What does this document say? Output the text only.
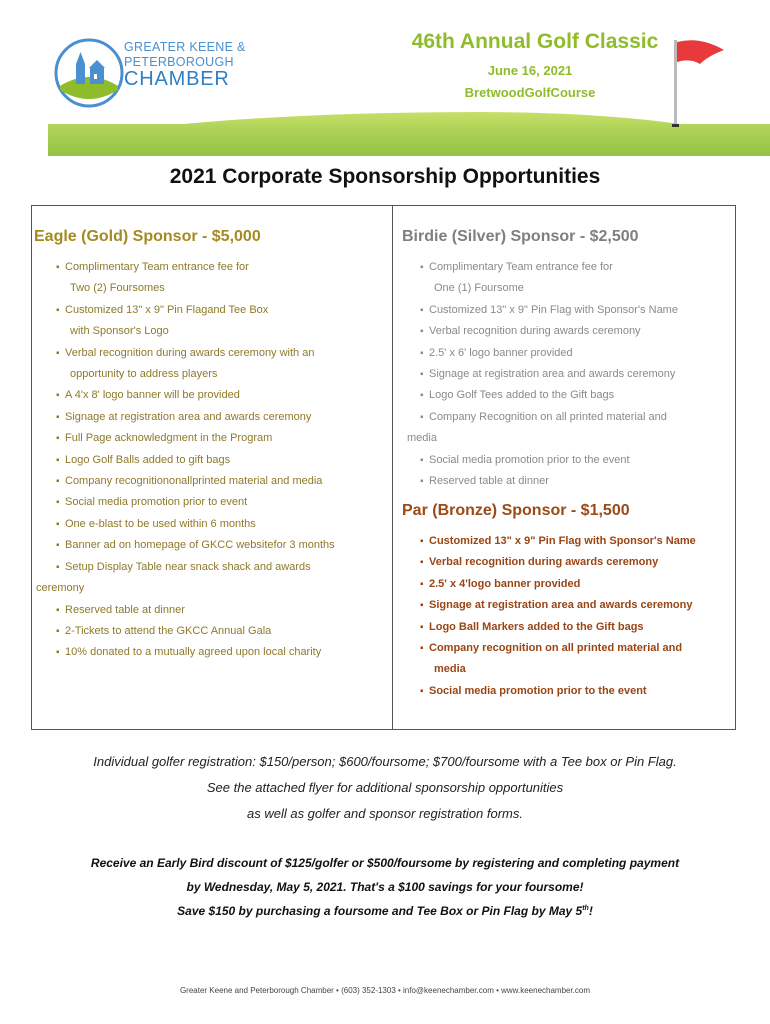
GREATER KEENE &
PETERBOROUGH
CHAMBER
46th Annual Golf Classic
June 16, 2021
BretwoodGolfCourse
2021 Corporate Sponsorship Opportunities
Eagle (Gold) Sponsor - $5,000
▪ Complimentary Team entrance fee for
Two (2) Foursomes
▪ Customized 13" x 9" Pin Flagand Tee Box
with Sponsor's Logo
▪ Verbal recognition during awards ceremony with an
opportunity to address players
▪ A 4'x 8' logo banner will be provided
▪ Signage at registration area and awards ceremony
▪ Full Page acknowledgment in the Program
▪ Logo Golf Balls added to gift bags
▪ Company recognitiononallprinted material and media
▪ Social media promotion prior to event
▪ One e-blast to be used within 6 months
▪ Banner ad on homepage of GKCC websitefor 3 months
▪ Setup Display Table near snack shack and awards
ceremony
▪ Reserved table at dinner
▪ 2-Tickets to attend the GKCC Annual Gala
▪ 10% donated to a mutually agreed upon local charity
Birdie (Silver) Sponsor - $2,500
▪ Complimentary Team entrance fee for
One (1) Foursome
▪ Customized 13" x 9" Pin Flag with Sponsor's Name
▪ Verbal recognition during awards ceremony
▪ 2.5' x 6' logo banner provided
▪ Signage at registration area and awards ceremony
▪ Logo Golf Tees added to the Gift bags
▪ Company Recognition on all printed material and
media
▪ Social media promotion prior to the event
▪ Reserved table at dinner
Par (Bronze) Sponsor - $1,500
▪ Customized 13" x 9" Pin Flag with Sponsor's Name
▪ Verbal recognition during awards ceremony
▪ 2.5' x 4'logo banner provided
▪ Signage at registration area and awards ceremony
▪ Logo Ball Markers added to the Gift bags
▪ Company recognition on all printed material and
media
▪ Social media promotion prior to the event
Individual golfer registration: $150/person; $600/foursome; $700/foursome with a Tee box or Pin Flag.
See the attached flyer for additional sponsorship opportunities
as well as golfer and sponsor registration forms.
Receive an Early Bird discount of $125/golfer or $500/foursome by registering and completing payment
by Wednesday, May 5, 2021. That's a $100 savings for your foursome!
Save $150 by purchasing a foursome and Tee Box or Pin Flag by May 5th!
Greater Keene and Peterborough Chamber • (603) 352-1303 • info@keenechamber.com • www.keenechamber.com
